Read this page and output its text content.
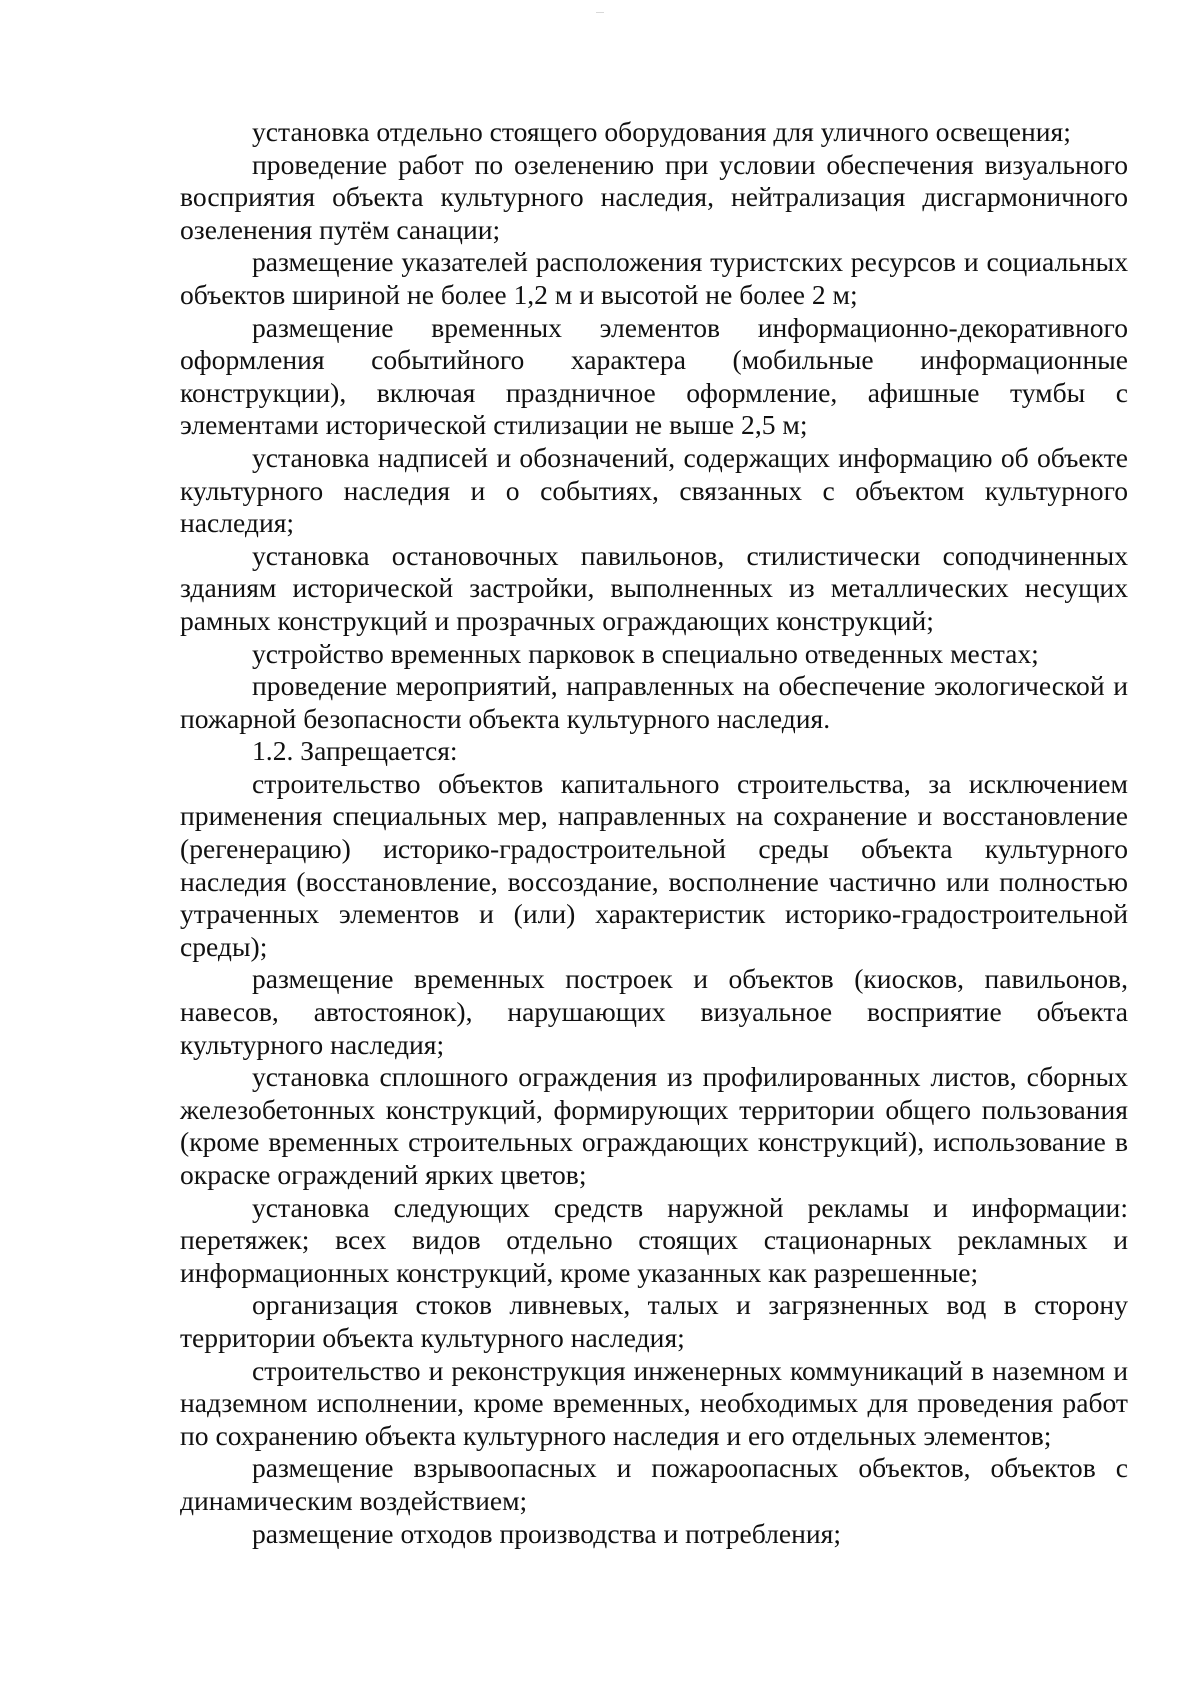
установка отдельно стоящего оборудования для уличного освещения;

проведение работ по озеленению при условии обеспечения визуального восприятия объекта культурного наследия, нейтрализация дисгармоничного озеленения путём санации;

размещение указателей расположения туристских ресурсов и социальных объектов шириной не более 1,2 м и высотой не более 2 м;

размещение временных элементов информационно-декоративного оформления событийного характера (мобильные информационные конструкции), включая праздничное оформление, афишные тумбы с элементами исторической стилизации не выше 2,5 м;

установка надписей и обозначений, содержащих информацию об объекте культурного наследия и о событиях, связанных с объектом культурного наследия;

установка остановочных павильонов, стилистически соподчиненных зданиям исторической застройки, выполненных из металлических несущих рамных конструкций и прозрачных ограждающих конструкций;

устройство временных парковок в специально отведенных местах;

проведение мероприятий, направленных на обеспечение экологической и пожарной безопасности объекта культурного наследия.

1.2. Запрещается:

строительство объектов капитального строительства, за исключением применения специальных мер, направленных на сохранение и восстановление (регенерацию) историко-градостроительной среды объекта культурного наследия (восстановление, воссоздание, восполнение частично или полностью утраченных элементов и (или) характеристик историко-градостроительной среды);

размещение временных построек и объектов (киосков, павильонов, навесов, автостоянок), нарушающих визуальное восприятие объекта культурного наследия;

установка сплошного ограждения из профилированных листов, сборных железобетонных конструкций, формирующих территории общего пользования (кроме временных строительных ограждающих конструкций), использование в окраске ограждений ярких цветов;

установка следующих средств наружной рекламы и информации: перетяжек; всех видов отдельно стоящих стационарных рекламных и информационных конструкций, кроме указанных как разрешенные;

организация стоков ливневых, талых и загрязненных вод в сторону территории объекта культурного наследия;

строительство и реконструкция инженерных коммуникаций в наземном и надземном исполнении, кроме временных, необходимых для проведения работ по сохранению объекта культурного наследия и его отдельных элементов;

размещение взрывоопасных и пожароопасных объектов, объектов с динамическим воздействием;

размещение отходов производства и потребления;
